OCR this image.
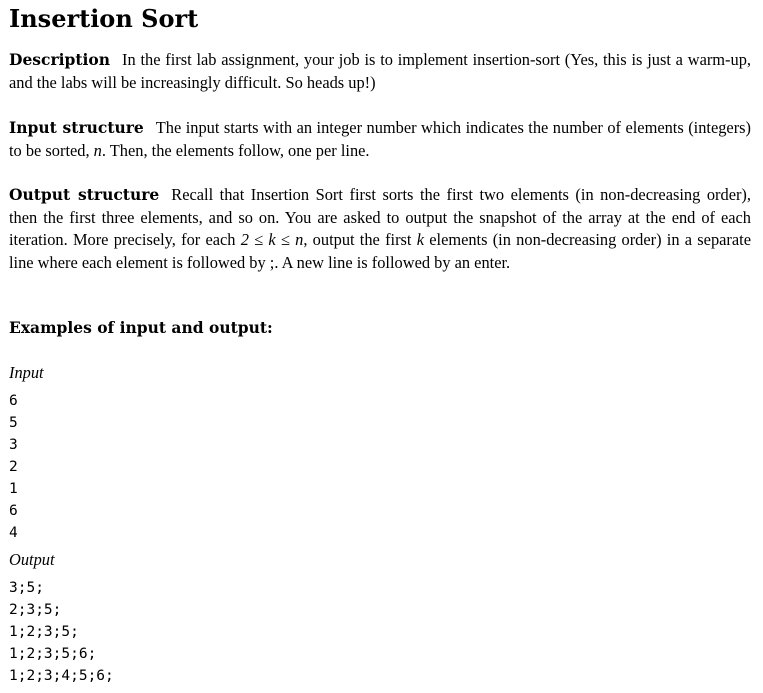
Insertion Sort

Description In the first lab assignment, your job is to implement insertion-sort (Yes, this is just a warm-up, and the labs will be increasingly difficult. So heads up!)

Input structure The input starts with an integer number which indicates the number of elements (integers) to be sorted, n. Then, the elements follow, one per line.

Output structure Recall that Insertion Sort first sorts the first two elements (in non-decreasing order), then the first three elements, and so on. You are asked to output the snapshot of the array at the end of each iteration. More precisely, for each 2 ≤ k ≤ n, output the first k elements (in non-decreasing order) in a separate line where each element is followed by ;. A new line is followed by an enter.

Examples of input and output:

Input

6
5
3
2
1
6
4

Output

3;5;
2;3;5;
1;2;3;5;
1;2;3;5;6;
1;2;3;4;5;6;
